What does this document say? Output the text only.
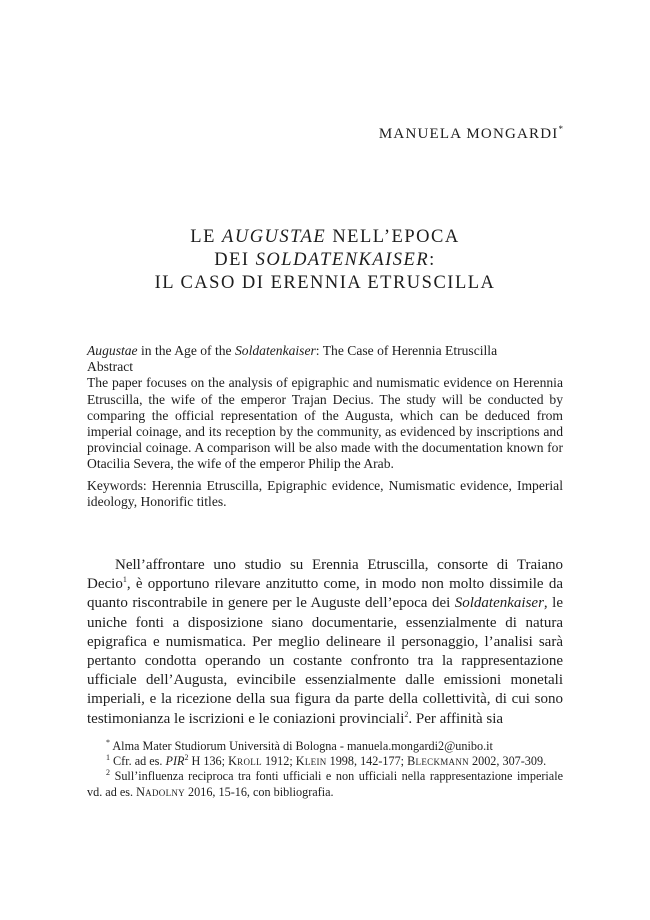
MANUELA MONGARDI*
LE AUGUSTAE NELL’EPOCA
DEI SOLDATENKAISER:
IL CASO DI ERENNIA ETRUSCILLA

Augustae in the Age of the Soldatenkaiser: The Case of Herennia Etruscilla

Abstract

The paper focuses on the analysis of epigraphic and numismatic evidence on Herennia Etruscilla, the wife of the emperor Trajan Decius. The study will be conducted by comparing the official representation of the Augusta, which can be deduced from imperial coinage, and its reception by the community, as evidenced by inscriptions and provincial coinage. A comparison will be also made with the documentation known for Otacilia Severa, the wife of the emperor Philip the Arab.

Keywords: Herennia Etruscilla, Epigraphic evidence, Numismatic evidence, Imperial ideology, Honorific titles.

Nell’affrontare uno studio su Erennia Etruscilla, consorte di Traiano Decio$^1$, è opportuno rilevare anzitutto come, in modo non molto dissimile da quanto riscontrabile in genere per le Auguste dell’epoca dei Soldatenkaiser, le uniche fonti a disposizione siano documentarie, essenzialmente di natura epigrafica e numismatica. Per meglio delineare il personaggio, l’analisi sarà pertanto condotta operando un costante confronto tra la rappresentazione ufficiale dell’Augusta, evincibile essenzialmente dalle emissioni monetali imperiali, e la ricezione della sua figura da parte della collettività, di cui sono testimonianza le iscrizioni e le coniazioni provinciali$^2$. Per affinità sia

* Alma Mater Studiorum Università di Bologna - manuela.mongardi2@unibo.it

$^1$ Cfr. ad es. PIR$^2$ H 136; Kroll 1912; Klein 1998, 142-177; Bleckmann 2002, 307-309.

$^2$ Sull’influenza reciproca tra fonti ufficiali e non ufficiali nella rappresentazione imperiale vd. ad es. Nadolny 2016, 15-16, con bibliografia.
